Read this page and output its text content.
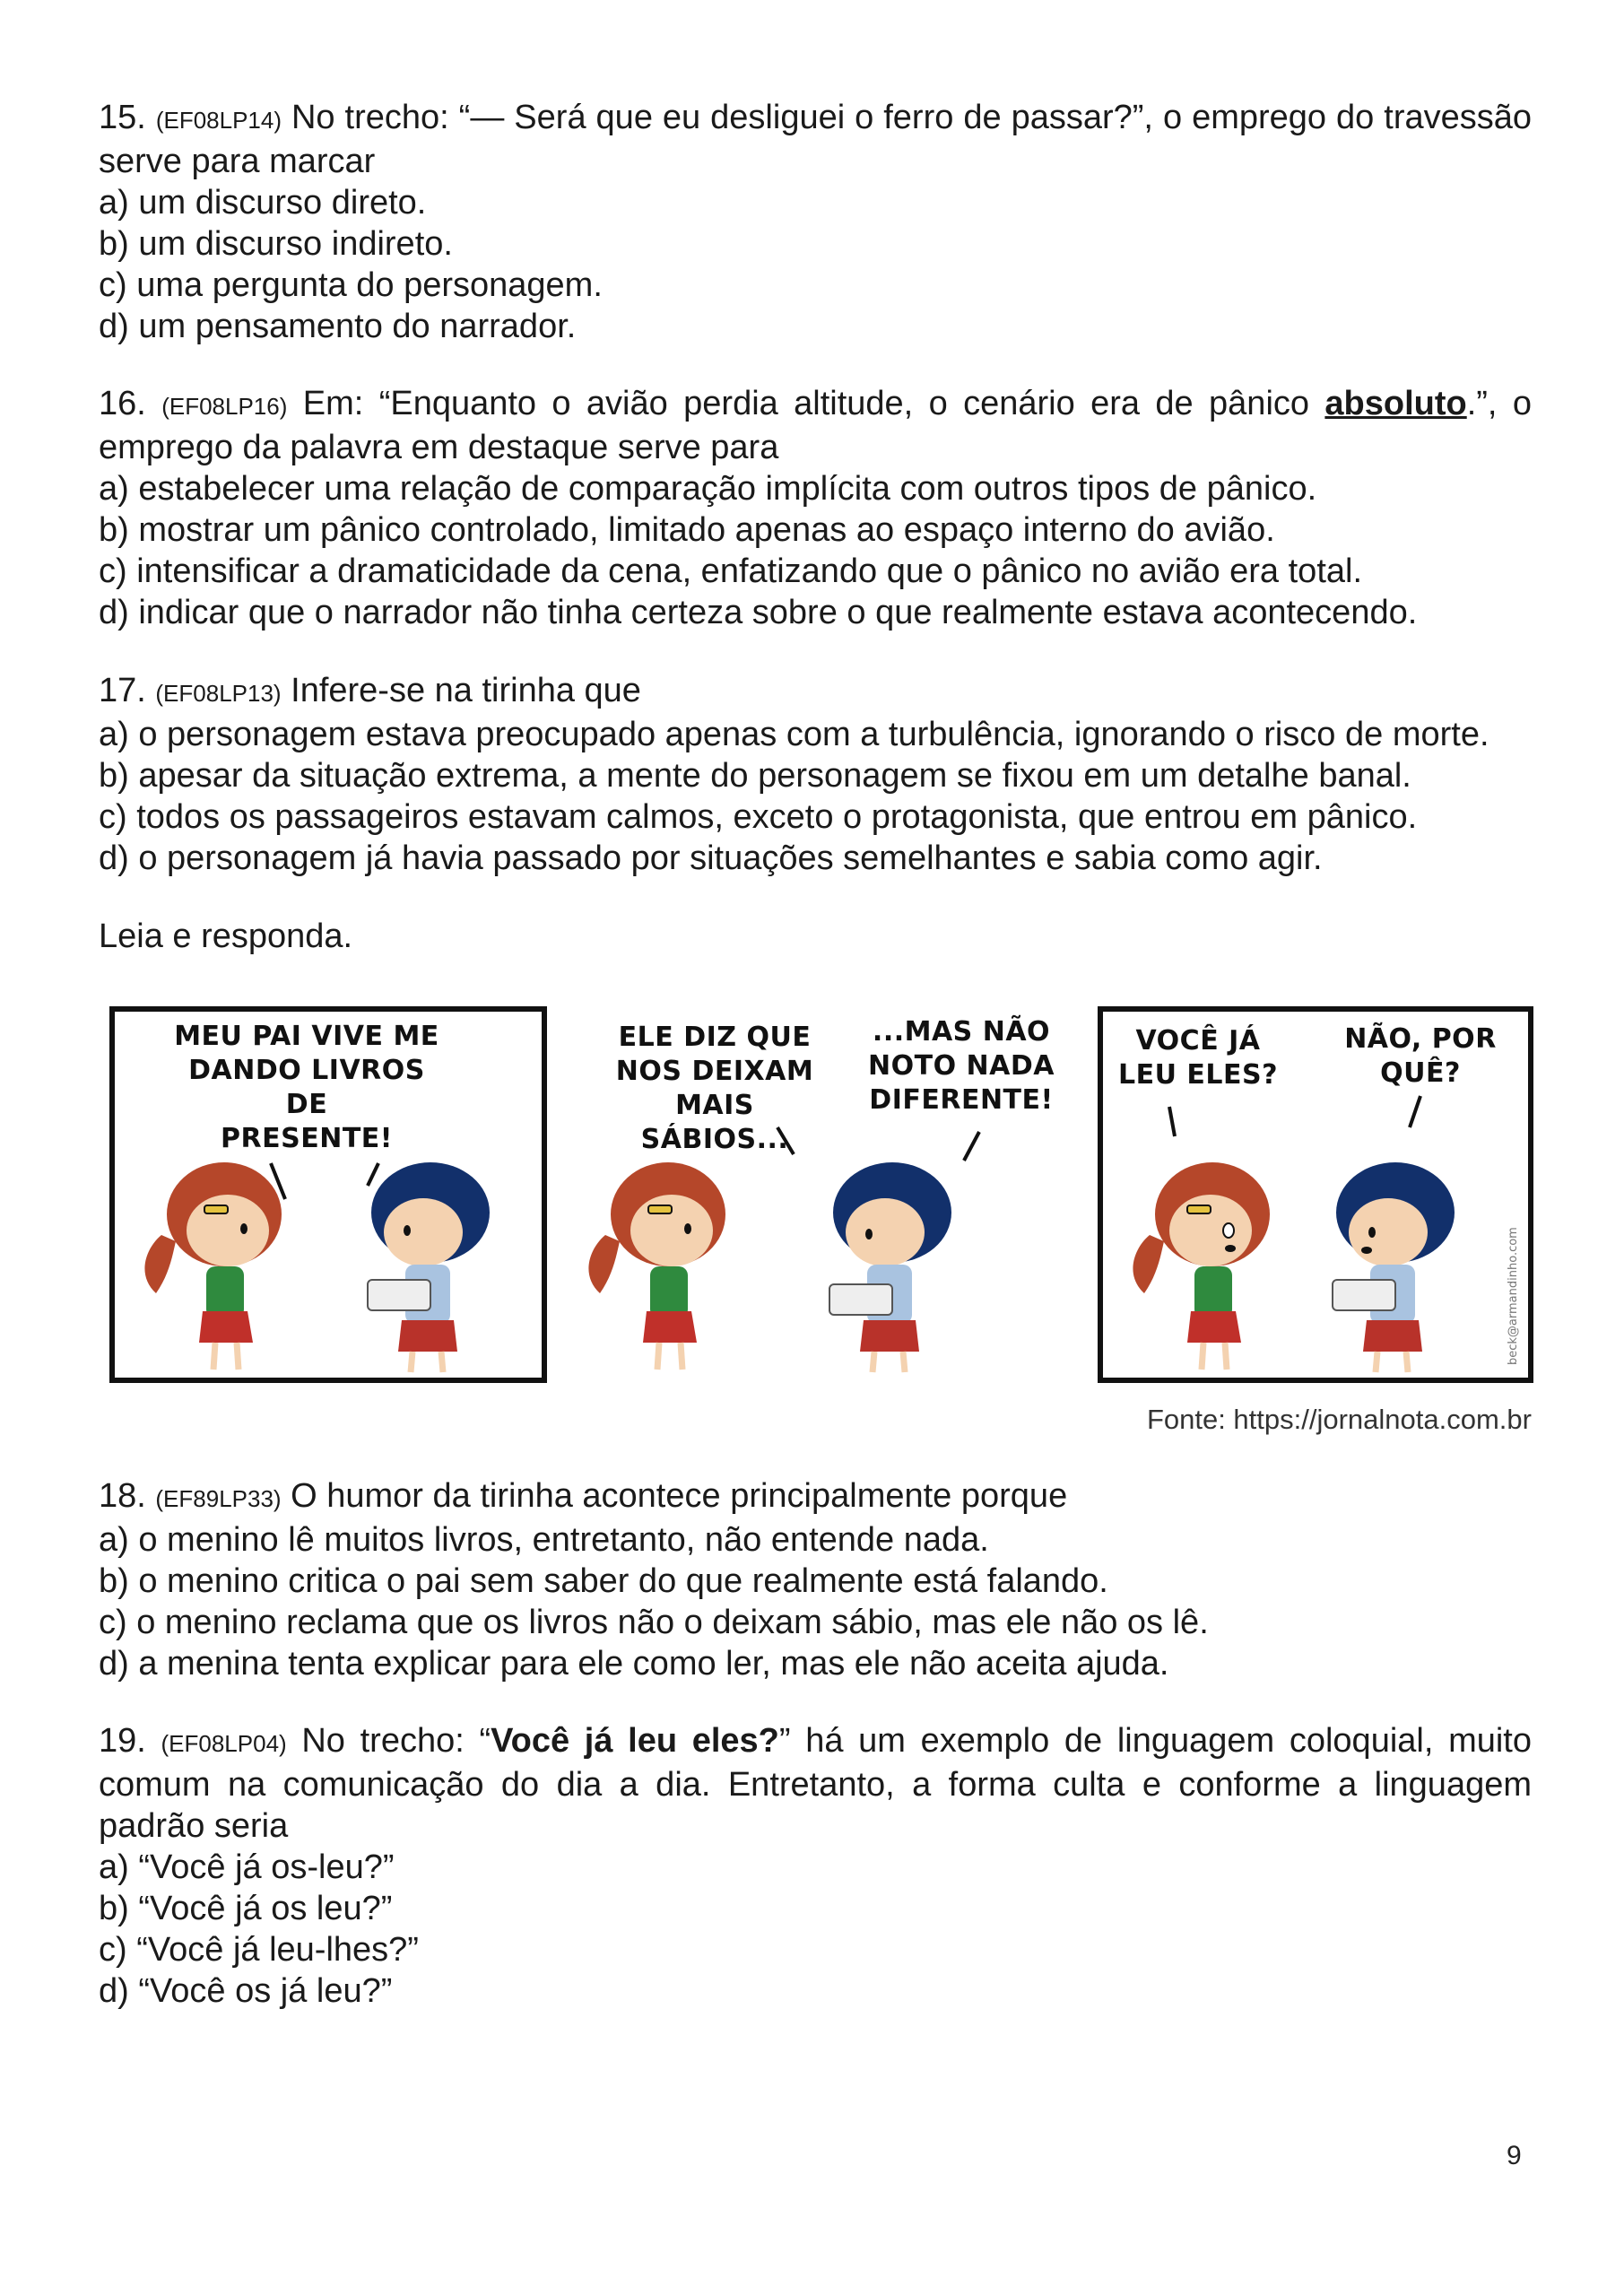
15. (EF08LP14) No trecho: “— Será que eu desliguei o ferro de passar?”, o emprego do travessão serve para marcar

a) um discurso direto.

b) um discurso indireto.

c) uma pergunta do personagem.

d) um pensamento do narrador.

16. (EF08LP16) Em: “Enquanto o avião perdia altitude, o cenário era de pânico absoluto.”, o emprego da palavra em destaque serve para

a) estabelecer uma relação de comparação implícita com outros tipos de pânico.

b) mostrar um pânico controlado, limitado apenas ao espaço interno do avião.

c) intensificar a dramaticidade da cena, enfatizando que o pânico no avião era total.

d) indicar que o narrador não tinha certeza sobre o que realmente estava acontecendo.

17. (EF08LP13) Infere-se na tirinha que

a) o personagem estava preocupado apenas com a turbulência, ignorando o risco de morte.

b) apesar da situação extrema, a mente do personagem se fixou em um detalhe banal.

c) todos os passageiros estavam calmos, exceto o protagonista, que entrou em pânico.

d) o personagem já havia passado por situações semelhantes e sabia como agir.

Leia e responda.
MEU PAI VIVE ME
DANDO LIVROS DE
PRESENTE!
ELE DIZ QUE
NOS DEIXAM
MAIS SÁBIOS...
...MAS NÃO
NOTO NADA
DIFERENTE!
VOCÊ JÁ
LEU ELES?
NÃO, POR
QUÊ?
beck@armandinho.com
Fonte: https://jornalnota.com.br

18. (EF89LP33) O humor da tirinha acontece principalmente porque

a) o menino lê muitos livros, entretanto, não entende nada.

b) o menino critica o pai sem saber do que realmente está falando.

c) o menino reclama que os livros não o deixam sábio, mas ele não os lê.

d) a menina tenta explicar para ele como ler, mas ele não aceita ajuda.

19. (EF08LP04) No trecho: “Você já leu eles?” há um exemplo de linguagem coloquial, muito comum na comunicação do dia a dia. Entretanto, a forma culta e conforme a linguagem padrão seria

a) “Você já os-leu?”

b) “Você já os leu?”

c) “Você já leu-lhes?”

d) “Você os já leu?”

9
